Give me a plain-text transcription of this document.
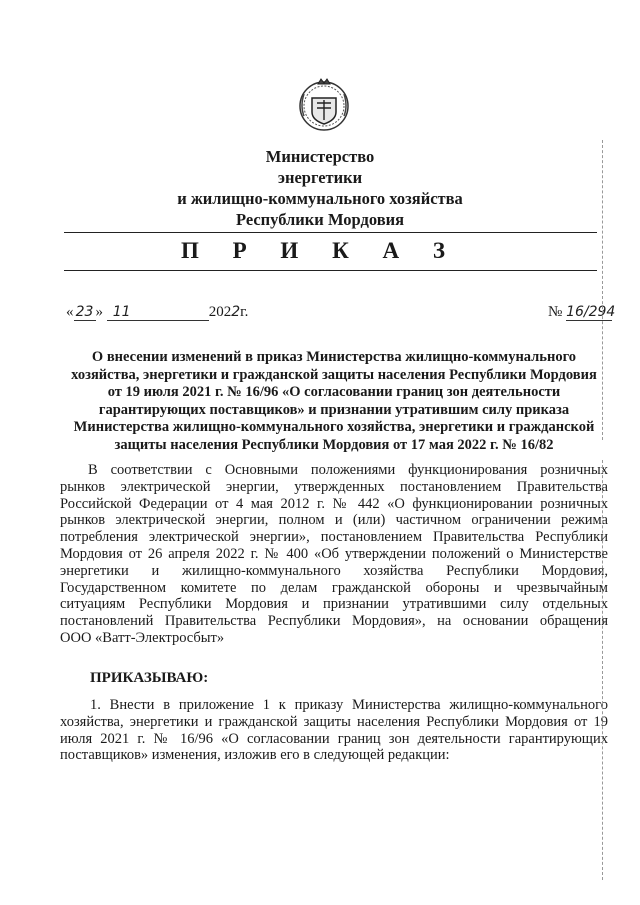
Министерство
энергетики
и жилищно-коммунального хозяйства
Республики Мордовия
П Р И К А З
« 23 » 11	2022г.	№ 16/294
О внесении изменений в приказ Министерства жилищно-коммунального
хозяйства, энергетики и гражданской защиты населения Республики Мордовия
от 19 июля 2021 г. № 16/96 «О согласовании границ зон деятельности
гарантирующих поставщиков» и признании утратившим силу приказа
Министерства жилищно-коммунального хозяйства, энергетики и гражданской
защиты населения Республики Мордовия от 17 мая 2022 г. № 16/82
В соответствии с Основными положениями функционирования розничных
рынков электрической энергии, утвержденных постановлением Правительства
Российской Федерации от 4 мая 2012 г. № 442 «О функционировании розничных
рынков электрической энергии, полном и (или) частичном ограничении режима
потребления электрической энергии», постановлением Правительства Республики
Мордовия от 26 апреля 2022 г. № 400 «Об утверждении положений о Министерстве
энергетики и жилищно-коммунального хозяйства Республики Мордовия,
Государственном комитете по делам гражданской обороны и чрезвычайным
ситуациям Республики Мордовия и признании утратившими силу отдельных
постановлений Правительства Республики Мордовия», на основании обращения
ООО «Ватт-Электросбыт»
ПРИКАЗЫВАЮ:
1. Внести в приложение 1 к приказу Министерства жилищно-коммунального
хозяйства, энергетики и гражданской защиты населения Республики Мордовия от 19
июля 2021 г. № 16/96 «О согласовании границ зон деятельности гарантирующих
поставщиков» изменения, изложив его в следующей редакции:
